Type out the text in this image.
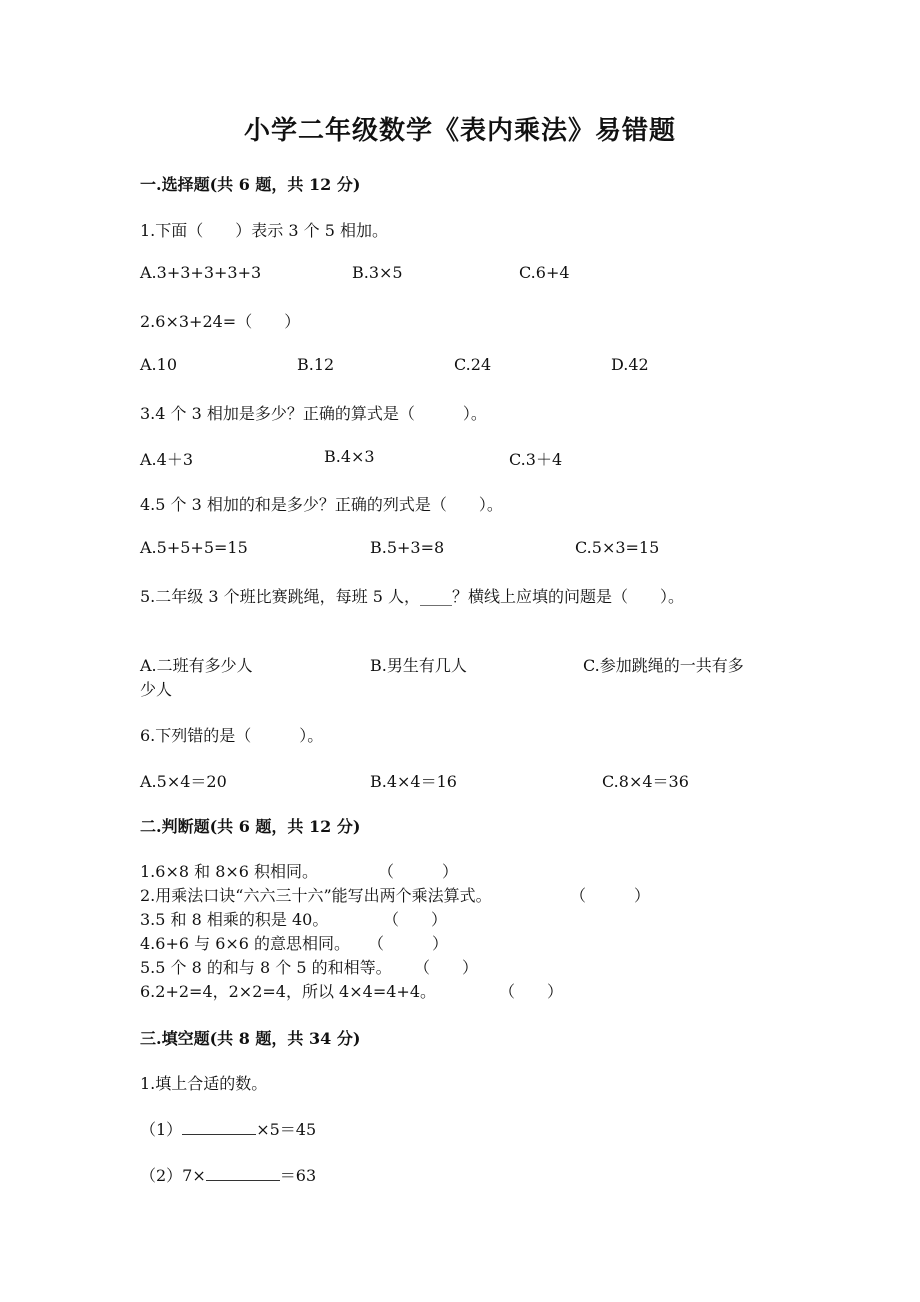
小学二年级数学《表内乘法》易错题
一.选择题(共 6 题，共 12 分)
1.下面（　　）表示 3 个 5 相加。
A.3+3+3+3+3	B.3×5	C.6+4
2.6×3+24=（　　）
A.10	B.12	C.24	D.42
3.4 个 3 相加是多少？正确的算式是（　　　）。
A.4＋3	B.4×3	C.3＋4
4.5 个 3 相加的和是多少？正确的列式是（　　）。
A.5+5+5=15	B.5+3=8	C.5×3=15
5.二年级 3 个班比赛跳绳，每班 5 人，____？横线上应填的问题是（　　）。
A.二班有多少人	B.男生有几人	C.参加跳绳的一共有多
少人
6.下列错的是（　　　）。
A.5×4＝20	B.4×4＝16	C.8×4＝36
二.判断题(共 6 题，共 12 分)
1.6×8 和 8×6 积相同。	（　　　）
2.用乘法口诀“六六三十六”能写出两个乘法算式。	（　　　）
3.5 和 8 相乘的积是 40。	（　　）
4.6+6 与 6×6 的意思相同。 （　　　）
5.5 个 8 的和与 8 个 5 的和相等。 （　　）
6.2+2=4，2×2=4，所以 4×4=4+4。	（　　）
三.填空题(共 8 题，共 34 分)
1.填上合适的数。
（1）	×5＝45
（2）7×	＝63
